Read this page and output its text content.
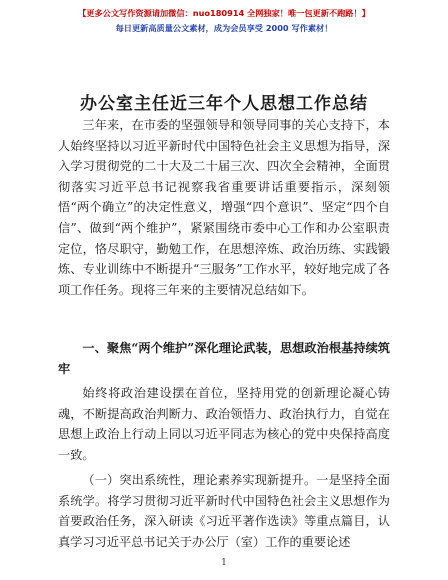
【更多公文写作资源请加微信：nuo180914 全网独家！唯一包更新不跑路！】
每日更新高质量公文素材，成为会员享受 2000 写作素材！
办公室主任近三年个人思想工作总结

三年来，在市委的坚强领导和领导同事的关心支持下，本人始终坚持以习近平新时代中国特色社会主义思想为指导，深入学习贯彻党的二十大及二十届三次、四次全会精神，全面贯彻落实习近平总书记视察我省重要讲话重要指示，深刻领悟“两个确立”的决定性意义，增强“四个意识”、坚定“四个自信”、做到“两个维护”，紧紧围绕市委中心工作和办公室职责定位，恪尽职守，勤勉工作，在思想淬炼、政治历练、实践锻炼、专业训练中不断提升“三服务”工作水平，较好地完成了各项工作任务。现将三年来的主要情况总结如下。

一、聚焦“两个维护”深化理论武装，思想政治根基持续筑牢

始终将政治建设摆在首位，坚持用党的创新理论凝心铸魂，不断提高政治判断力、政治领悟力、政治执行力，自觉在思想上政治上行动上同以习近平同志为核心的党中央保持高度一致。

（一）突出系统性，理论素养实现新提升。一是坚持全面系统学。将学习贯彻习近平新时代中国特色社会主义思想作为首要政治任务，深入研读《习近平著作选读》等重点篇目，认真学习习近平总书记关于办公厅（室）工作的重要论述

1
